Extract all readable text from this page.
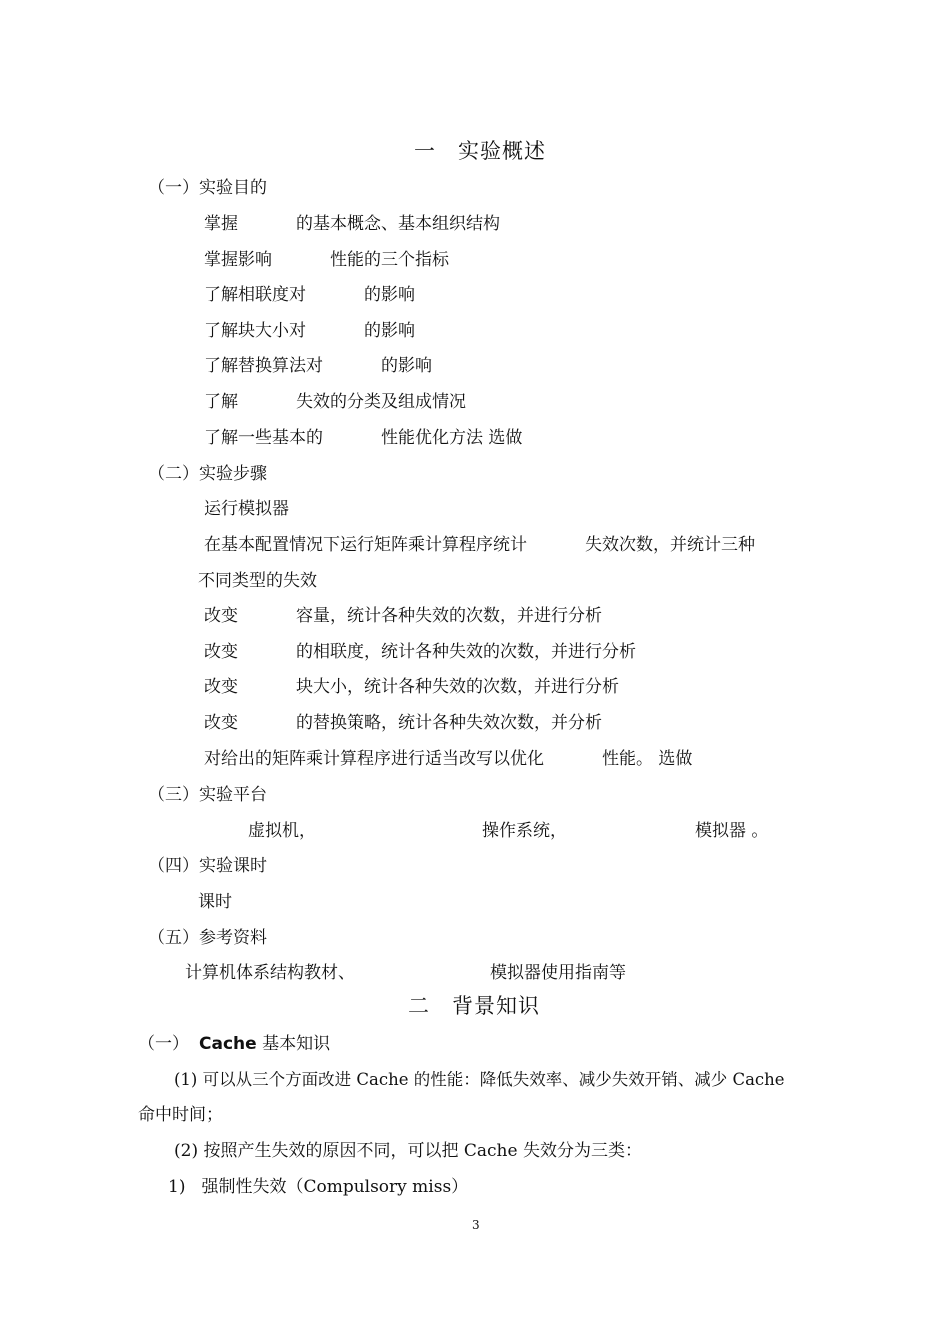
一　实验概述
（一）实验目的
掌握	的基本概念、基本组织结构
掌握影响	性能的三个指标
了解相联度对	的影响
了解块大小对	的影响
了解替换算法对	的影响
了解	失效的分类及组成情况
了解一些基本的	性能优化方法 选做
（二）实验步骤
运行模拟器
在基本配置情况下运行矩阵乘计算程序统计	失效次数，并统计三种
不同类型的失效
改变	容量，统计各种失效的次数，并进行分析
改变	的相联度，统计各种失效的次数，并进行分析
改变	块大小，统计各种失效的次数，并进行分析
改变	的替换策略，统计各种失效次数，并分析
对给出的矩阵乘计算程序进行适当改写以优化	性能。 选做
（三）实验平台
虚拟机，	操作系统，	模拟器 。
（四）实验课时
课时
（五）参考资料
计算机体系结构教材、	模拟器使用指南等
二　背景知识
（一） Cache 基本知识
(1) 可以从三个方面改进 Cache 的性能：降低失效率、减少失效开销、减少 Cache
命中时间；
(2) 按照产生失效的原因不同，可以把 Cache 失效分为三类：
1) 强制性失效（Compulsory miss）
3
